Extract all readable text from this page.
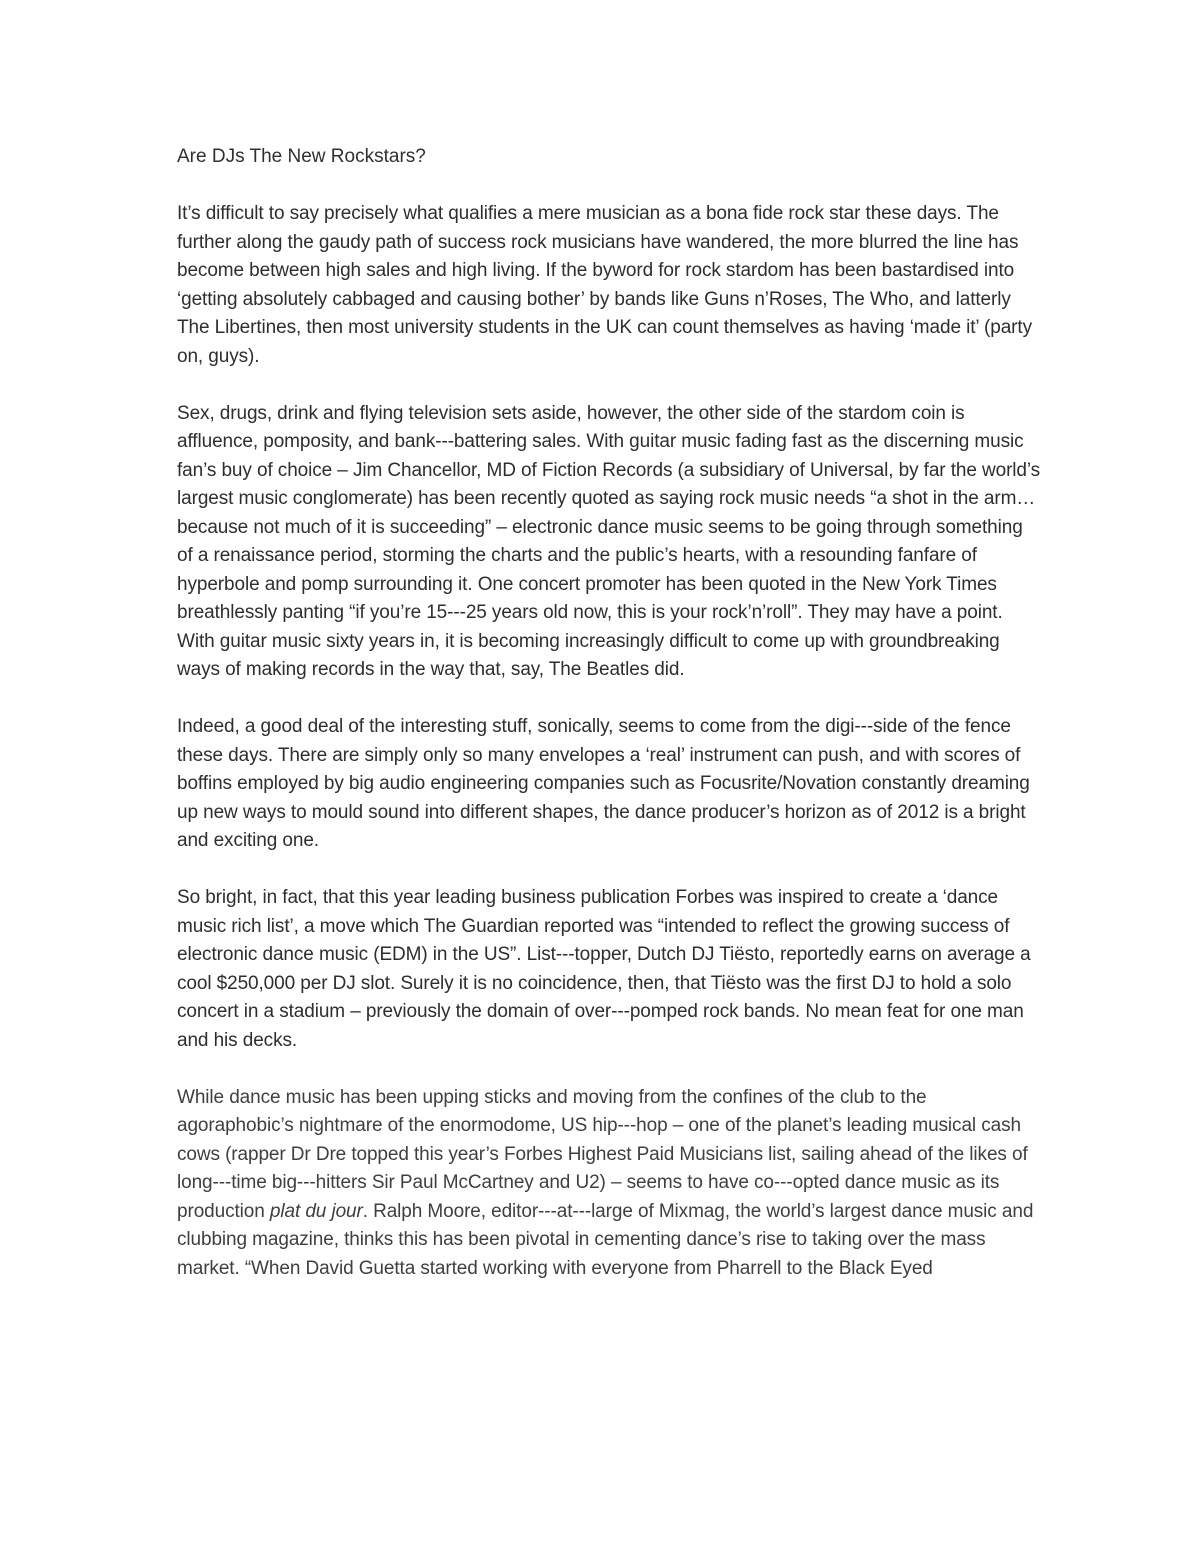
Are DJs The New Rockstars?

It’s difficult to say precisely what qualifies a mere musician as a bona fide rock star these days. The further along the gaudy path of success rock musicians have wandered, the more blurred the line has become between high sales and high living. If the byword for rock stardom has been bastardised into ‘getting absolutely cabbaged and causing bother’ by bands like Guns n’Roses, The Who, and latterly The Libertines, then most university students in the UK can count themselves as having ‘made it’ (party on, guys).

Sex, drugs, drink and flying television sets aside, however, the other side of the stardom coin is affluence, pomposity, and bank---battering sales. With guitar music fading fast as the discerning music fan’s buy of choice – Jim Chancellor, MD of Fiction Records (a subsidiary of Universal, by far the world’s largest music conglomerate) has been recently quoted as saying rock music needs “a shot in the arm… because not much of it is succeeding” – electronic dance music seems to be going through something of a renaissance period, storming the charts and the public’s hearts, with a resounding fanfare of hyperbole and pomp surrounding it. One concert promoter has been quoted in the New York Times breathlessly panting “if you’re 15---25 years old now, this is your rock’n’roll”. They may have a point. With guitar music sixty years in, it is becoming increasingly difficult to come up with groundbreaking ways of making records in the way that, say, The Beatles did.

Indeed, a good deal of the interesting stuff, sonically, seems to come from the digi---side of the fence these days. There are simply only so many envelopes a ‘real’ instrument can push, and with scores of boffins employed by big audio engineering companies such as Focusrite/Novation constantly dreaming up new ways to mould sound into different shapes, the dance producer’s horizon as of 2012 is a bright and exciting one.

So bright, in fact, that this year leading business publication Forbes was inspired to create a ‘dance music rich list’, a move which The Guardian reported was “intended to reflect the growing success of electronic dance music (EDM) in the US”. List---topper, Dutch DJ Tiësto, reportedly earns on average a cool $250,000 per DJ slot. Surely it is no coincidence, then, that Tiësto was the first DJ to hold a solo concert in a stadium – previously the domain of over---pomped rock bands. No mean feat for one man and his decks.

While dance music has been upping sticks and moving from the confines of the club to the agoraphobic’s nightmare of the enormodome, US hip---hop – one of the planet’s leading musical cash cows (rapper Dr Dre topped this year’s Forbes Highest Paid Musicians list, sailing ahead of the likes of long---time big---hitters Sir Paul McCartney and U2) – seems to have co---opted dance music as its production plat du jour. Ralph Moore, editor---at---large of Mixmag, the world’s largest dance music and clubbing magazine, thinks this has been pivotal in cementing dance’s rise to taking over the mass market. “When David Guetta started working with everyone from Pharrell to the Black Eyed
